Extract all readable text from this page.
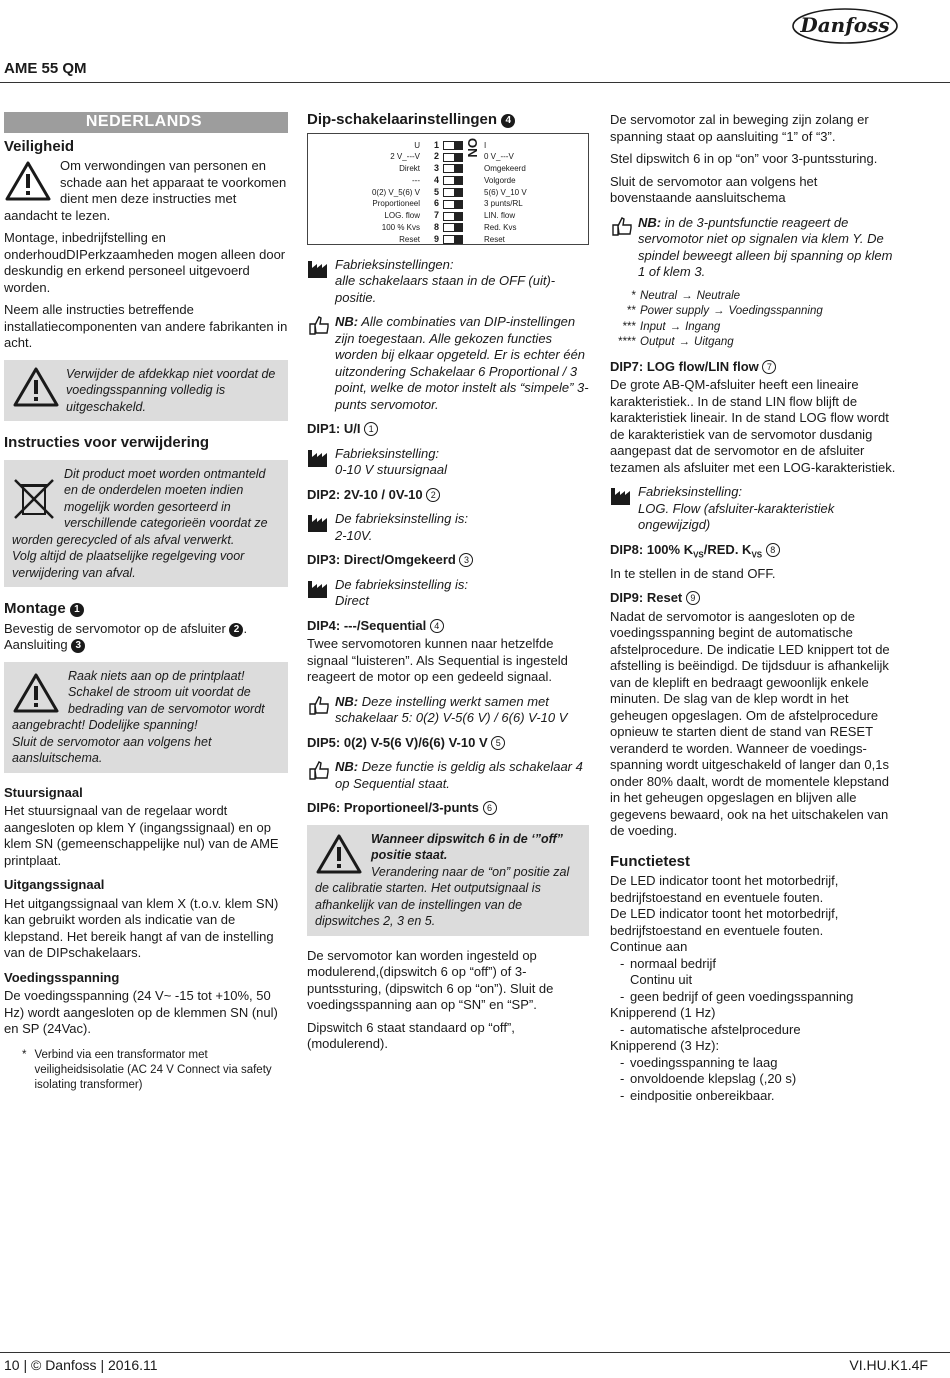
Danfoss
AME 55 QM
NEDERLANDS
Veiligheid

Om verwondingen van personen en schade aan het apparaat te voorkomen dient men deze instructies met aandacht te lezen.

Montage, inbedrijfstelling en onderhoudDIPerkzaamheden mogen alleen door deskundig en erkend personeel uitgevoerd worden.

Neem alle instructies betreffende installatiecomponenten van andere fabrikanten in acht.

Verwijder de afdekkap niet voordat de voedingsspanning volledig is uitgeschakeld.
Instructies voor verwijdering
Dit product moet worden ontmanteld en de onderdelen moeten indien mogelijk worden gesorteerd in verschillende categorieën voordat ze worden gerecycled of als afval verwerkt.
Volg altijd de plaatselijke regelgeving voor verwijdering van afval.
Montage 1
Bevestig de servomotor op de afsluiter 2 .
Aansluiting 3
Raak niets aan op de printplaat! Schakel de stroom uit voordat de bedrading van de servomotor wordt aangebracht! Dodelijke spanning!
Sluit de servomotor aan volgens het aansluitschema.
Stuursignaal

Het stuursignaal van de regelaar wordt aangesloten op klem Y (ingangssignaal) en op klem SN (gemeenschappelijke nul) van de AME printplaat.

Uitgangssignaal

Het uitgangssignaal van klem X (t.o.v. klem SN) kan gebruikt worden als indicatie van de klepstand. Het bereik hangt af van de instelling van de DIPschakelaars.

Voedingsspanning

De voedingsspanning (24 V~ -15 tot +10%, 50 Hz) wordt aangesloten op de klemmen SN (nul) en SP (24Vac).

* Verbind via een transformator met veiligheidsisolatie (AC 24 V Connect via safety isolating transformer)
Dip-schakelaarinstellingen 4
U
2 V_---V
Direkt
---
0(2) V_5(6) V
Proportioneel
LOG. flow
100 % Kvs
Reset
1
2
3
4
5
6
7
8
9
ON I
0 V_---V
Omgekeerd
Volgorde
5(6) V_10 V
3 punts/RL
LIN. flow
Red. Kvs
Reset
Fabrieksinstellingen:
alle schakelaars staan in de OFF (uit)-positie.
NB: Alle combinaties van DIP-instellingen zijn toegestaan. Alle gekozen functies worden bij elkaar opgeteld. Er is echter één uitzondering Schakelaar 6 Proportional / 3 point, welke de motor instelt als “simpele” 3-punts servomotor.
DIP1: U/I 1
Fabrieksinstelling:
0-10 V stuursignaal
DIP2: 2V-10 / 0V-10 2
De fabrieksinstelling is:
2-10V.
DIP3: Direct/Omgekeerd 3
De fabrieksinstelling is:
Direct
DIP4: ---/Sequential 4

Twee servomotoren kunnen naar hetzelfde signaal “luisteren”. Als Sequential is ingesteld reageert de motor op een gedeeld signaal.

NB: Deze instelling werkt samen met schakelaar 5: 0(2) V-5(6 V) / 6(6) V-10 V
DIP5: 0(2) V-5(6 V)/6(6) V-10 V 5
NB: Deze functie is geldig als schakelaar 4 op Sequential staat.
DIP6: Proportioneel/3-punts 6
Wanneer dipswitch 6 in de ‘”off” positie staat.
Verandering naar de “on” positie zal de calibratie starten. Het outputsignaal is afhankelijk van de instellingen van de dipswitches 2, 3 en 5.

De servomotor kan worden ingesteld op modulerend,(dipswitch 6 op “off”) of 3-puntssturing, (dipswitch 6 op “on”). Sluit de voedingsspanning aan op “SN” en “SP”.

Dipswitch 6 staat standaard op “off”, (modulerend).

De servomotor zal in beweging zijn zolang er spanning staat op aansluiting “1” of “3”.

Stel dipswitch 6 in op “on” voor 3-puntssturing.

Sluit de servomotor aan volgens het bovenstaande aansluitschema

NB: in de 3-puntsfunctie reageert de servomotor niet op signalen via klem Y. De spindel beweegt alleen bij spanning op klem 1 of klem 3.
* Neutral → Neutrale
** Power supply → Voedingsspanning
*** Input → Ingang
**** Output → Uitgang
DIP7: LOG flow/LIN flow 7

De grote AB-QM-afsluiter heeft een lineaire karakteristiek.. In de stand LIN flow blijft de karakteristiek lineair. In de stand LOG flow wordt de karakteristiek van de servomotor dusdanig aangepast dat de servomotor en de afsluiter tezamen als afsluiter met een LOG-karakteristiek.

Fabrieksinstelling:
LOG. Flow (afsluiter-karakteristiek ongewijzigd)
DIP8: 100% $K_{VS}$/RED. $K_{VS}$ 8

In te stellen in de stand OFF.

DIP9: Reset 9

Nadat de servomotor is aangesloten op de voedingsspanning begint de automatische afstelprocedure. De indicatie LED knippert tot de afstelling is beëindigd. De tijdsduur is afhankelijk van de kleplift en bedraagt gewoonlijk enkele minuten. De slag van de klep wordt in het geheugen opgeslagen. Om de afstelprocedure opnieuw te starten dient de stand van RESET veranderd te worden. Wanneer de voedings-spanning wordt uitgeschakeld of langer dan 0,1s onder 80% daalt, wordt de momentele klepstand in het geheugen opgeslagen en blijven alle gegevens bewaard, ook na het uitschakelen van de voeding.

Functietest
De LED indicator toont het motorbedrijf, bedrijfstoestand en eventuele fouten.
De LED indicator toont het motorbedrijf, bedrijfstoestand en eventuele fouten.
Continue aan
- normaal bedrijf
Continu uit
- geen bedrijf of geen voedingsspanning
Knipperend (1 Hz)
- automatische afstelprocedure
Knipperend (3 Hz):
- voedingsspanning te laag
- onvoldoende klepslag (,20 s)
- eindpositie onbereikbaar.
10 | © Danfoss | 2016.11	VI.HU.K1.4F
